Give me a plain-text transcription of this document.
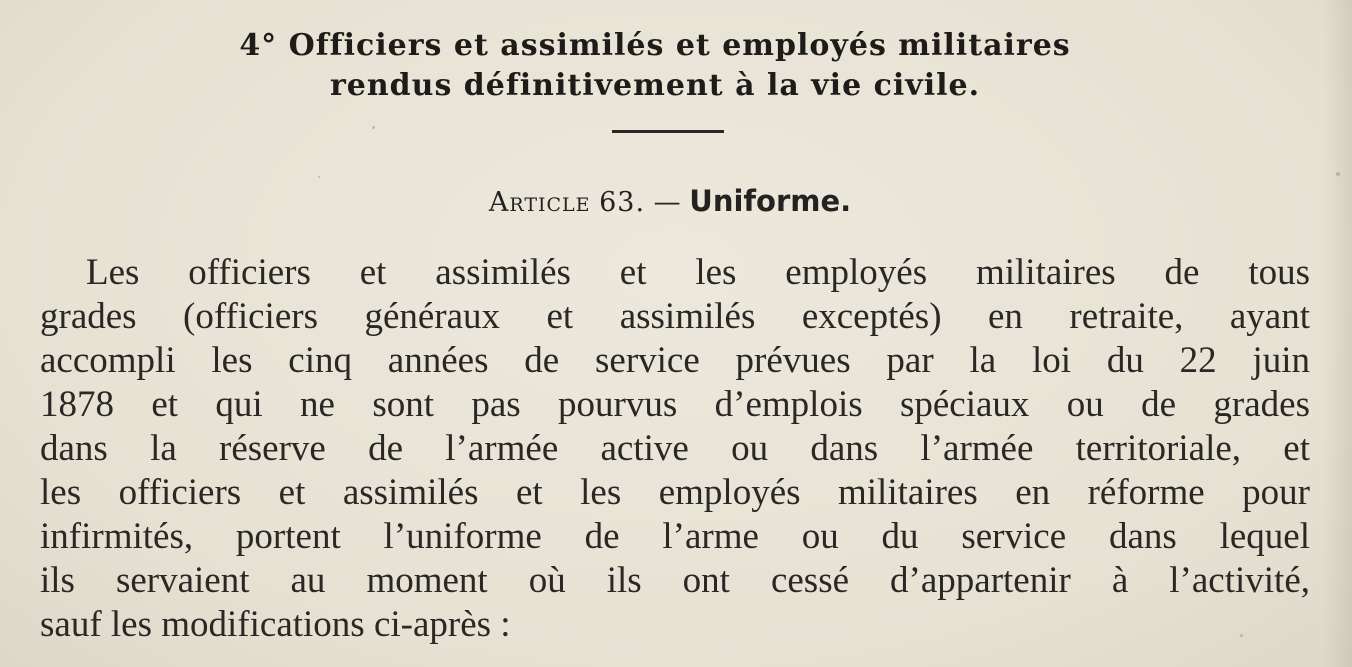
4° Officiers et assimilés et employés militaires
rendus définitivement à la vie civile.
Article 63. — Uniforme.
Les officiers et assimilés et les employés militaires de tous
grades (officiers généraux et assimilés exceptés) en retraite, ayant
accompli les cinq années de service prévues par la loi du 22 juin
1878 et qui ne sont pas pourvus d’emplois spéciaux ou de grades
dans la réserve de l’armée active ou dans l’armée territoriale, et
les officiers et assimilés et les employés militaires en réforme pour
infirmités, portent l’uniforme de l’arme ou du service dans lequel
ils servaient au moment où ils ont cessé d’appartenir à l’activité,
sauf les modifications ci-après :
